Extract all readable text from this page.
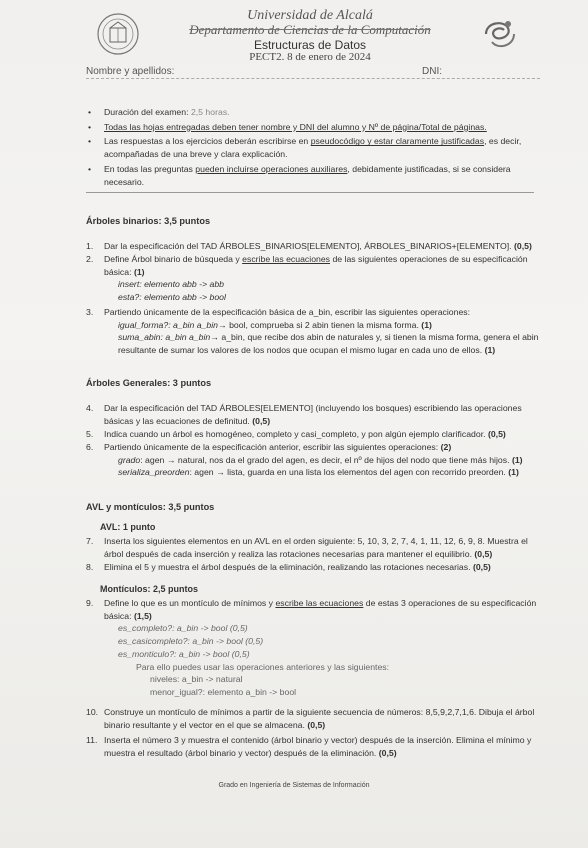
Universidad de Alcalá
Departamento de Ciencias de la Computación
Estructuras de Datos
PECT2. 8 de enero de 2024
Nombre y apellidos:	DNI:
• Duración del examen: 2,5 horas.
• Todas las hojas entregadas deben tener nombre y DNI del alumno y Nº de página/Total de páginas.
• Las respuestas a los ejercicios deberán escribirse en pseudocódigo y estar claramente justificadas, es decir, acompañadas de una breve y clara explicación.
• En todas las preguntas pueden incluirse operaciones auxiliares, debidamente justificadas, si se considera necesario.
Árboles binarios: 3,5 puntos
1. Dar la especificación del TAD ÁRBOLES_BINARIOS[ELEMENTO], ÁRBOLES_BINARIOS+[ELEMENTO]. (0,5)
2. Define Árbol binario de búsqueda y escribe las ecuaciones de las siguientes operaciones de su especificación básica: (1)
insert: elemento abb -> abb
esta?: elemento abb -> bool
3. Partiendo únicamente de la especificación básica de a_bin, escribir las siguientes operaciones:
igual_forma?: a_bin a_bin→ bool, comprueba si 2 abin tienen la misma forma. (1)
suma_abin: a_bin a_bin→ a_bin, que recibe dos abin de naturales y, si tienen la misma forma, genera el abin resultante de sumar los valores de los nodos que ocupan el mismo lugar en cada uno de ellos. (1)
Árboles Generales: 3 puntos
4. Dar la especificación del TAD ÁRBOLES[ELEMENTO] (incluyendo los bosques) escribiendo las operaciones básicas y las ecuaciones de definitud. (0,5)
5. Indica cuando un árbol es homogéneo, completo y casi_completo, y pon algún ejemplo clarificador. (0,5)
6. Partiendo únicamente de la especificación anterior, escribir las siguientes operaciones: (2)
grado: agen → natural, nos da el grado del agen, es decir, el nº de hijos del nodo que tiene más hijos. (1)
serializa_preorden: agen → lista, guarda en una lista los elementos del agen con recorrido preorden. (1)
AVL y montículos: 3,5 puntos
AVL: 1 punto
7. Inserta los siguientes elementos en un AVL en el orden siguiente: 5, 10, 3, 2, 7, 4, 1, 11, 12, 6, 9, 8. Muestra el árbol después de cada inserción y realiza las rotaciones necesarias para mantener el equilibrio. (0,5)
8. Elimina el 5 y muestra el árbol después de la eliminación, realizando las rotaciones necesarias. (0,5)
Montículos: 2,5 puntos
9. Define lo que es un montículo de mínimos y escribe las ecuaciones de estas 3 operaciones de su especificación básica: (1,5)
es_completo?: a_bin -> bool (0,5)
es_casicompleto?: a_bin -> bool (0,5)
es_monticulo?: a_bin -> bool (0,5)
Para ello puedes usar las operaciones anteriores y las siguientes:
niveles: a_bin -> natural
menor_igual?: elemento a_bin -> bool
10. Construye un montículo de mínimos a partir de la siguiente secuencia de números: 8,5,9,2,7,1,6. Dibuja el árbol binario resultante y el vector en el que se almacena. (0,5)
11. Inserta el número 3 y muestra el contenido (árbol binario y vector) después de la inserción. Elimina el mínimo y muestra el resultado (árbol binario y vector) después de la eliminación. (0,5)
Grado en Ingeniería de Sistemas de Información
